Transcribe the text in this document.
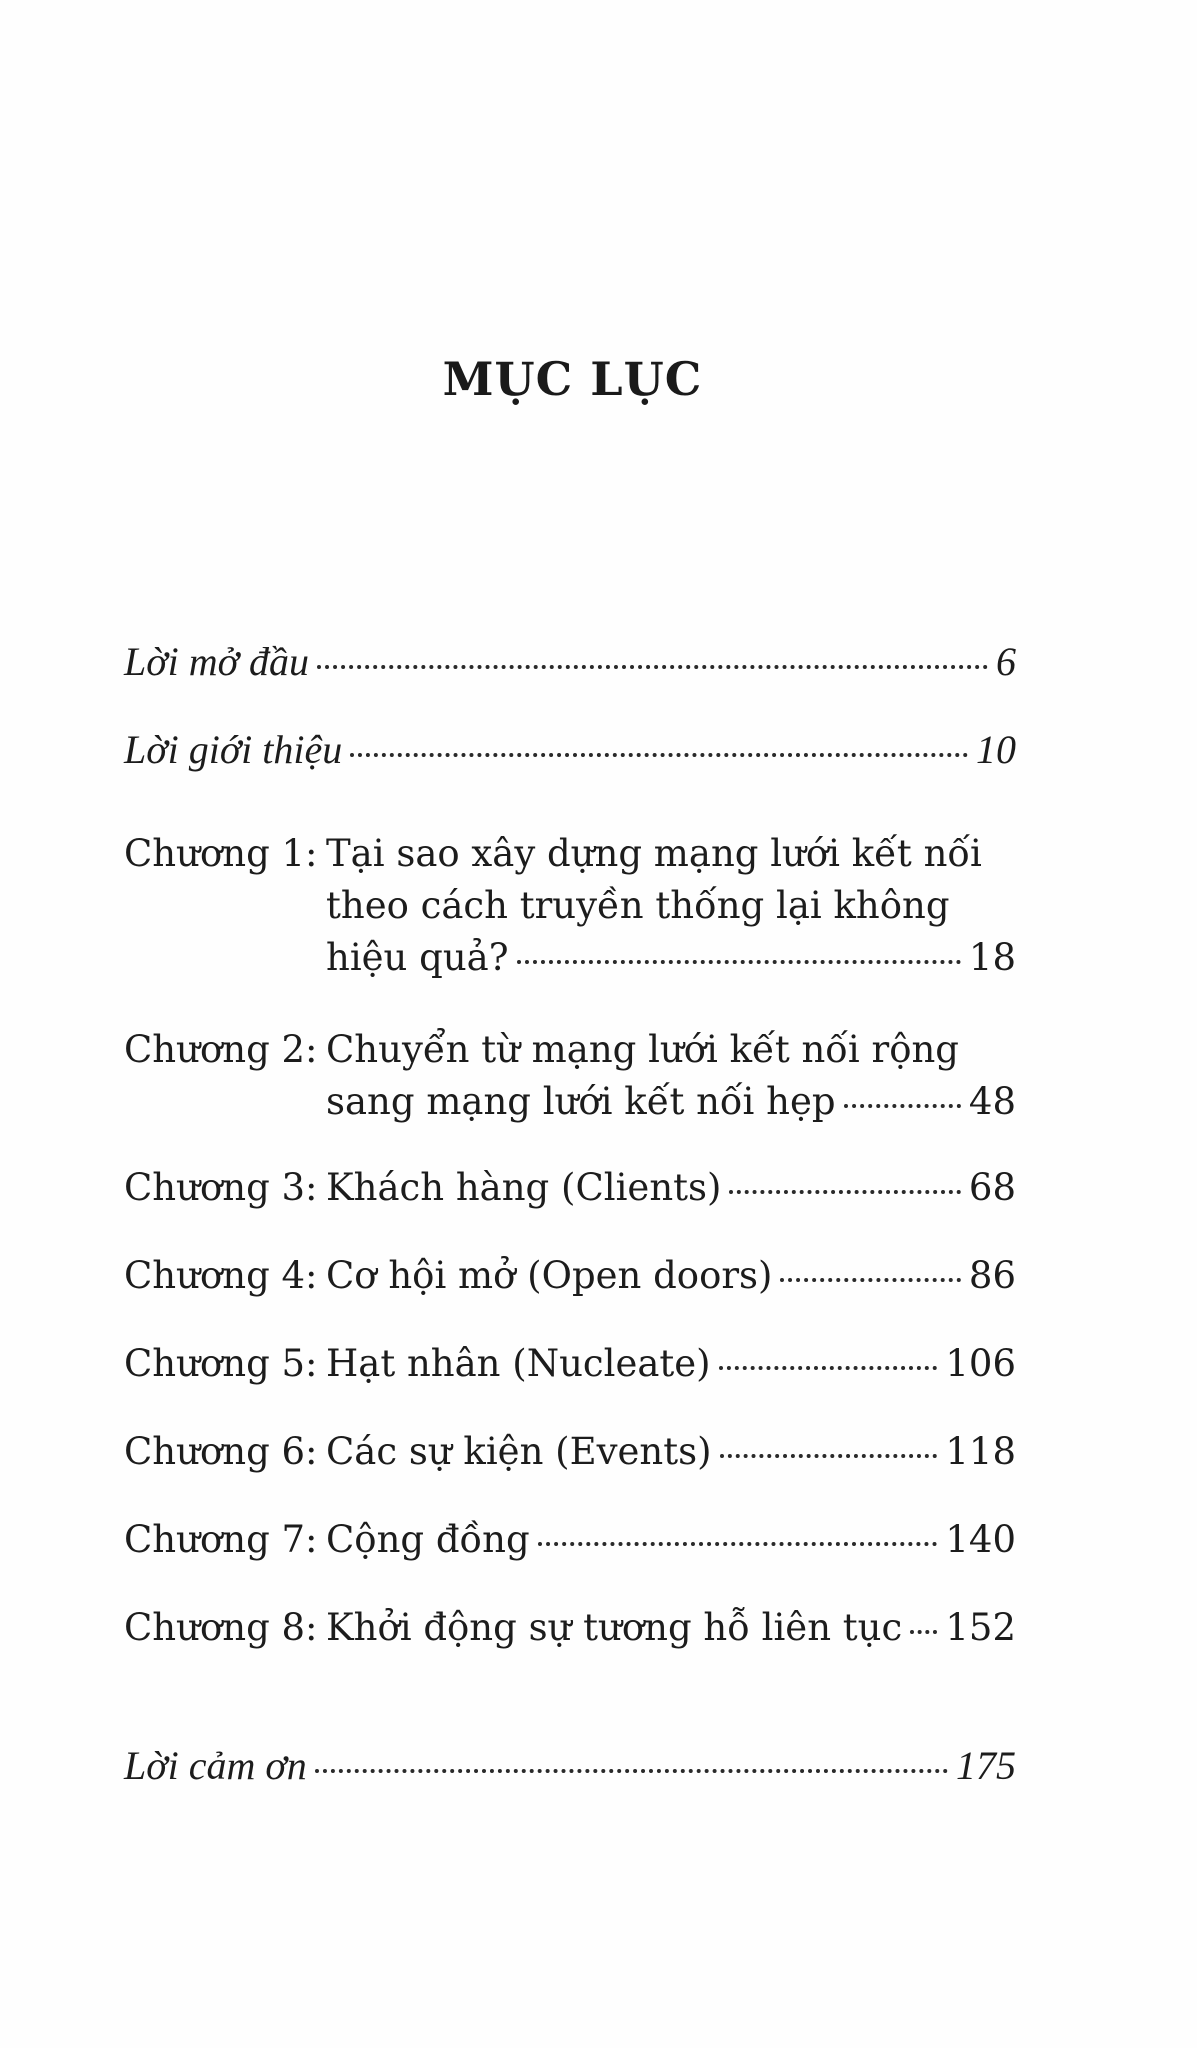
MỤC LỤC
Lời mở đầu	6
Lời giới thiệu	10
Chương 1: Tại sao xây dựng mạng lưới kết nối
theo cách truyền thống lại không
hiệu quả?	18
Chương 2: Chuyển từ mạng lưới kết nối rộng
sang mạng lưới kết nối hẹp	48
Chương 3: Khách hàng (Clients)	68
Chương 4: Cơ hội mở (Open doors)	86
Chương 5: Hạt nhân (Nucleate)	106
Chương 6: Các sự kiện (Events)	118
Chương 7: Cộng đồng	140
Chương 8: Khởi động sự tương hỗ liên tục 152
Lời cảm ơn	175
